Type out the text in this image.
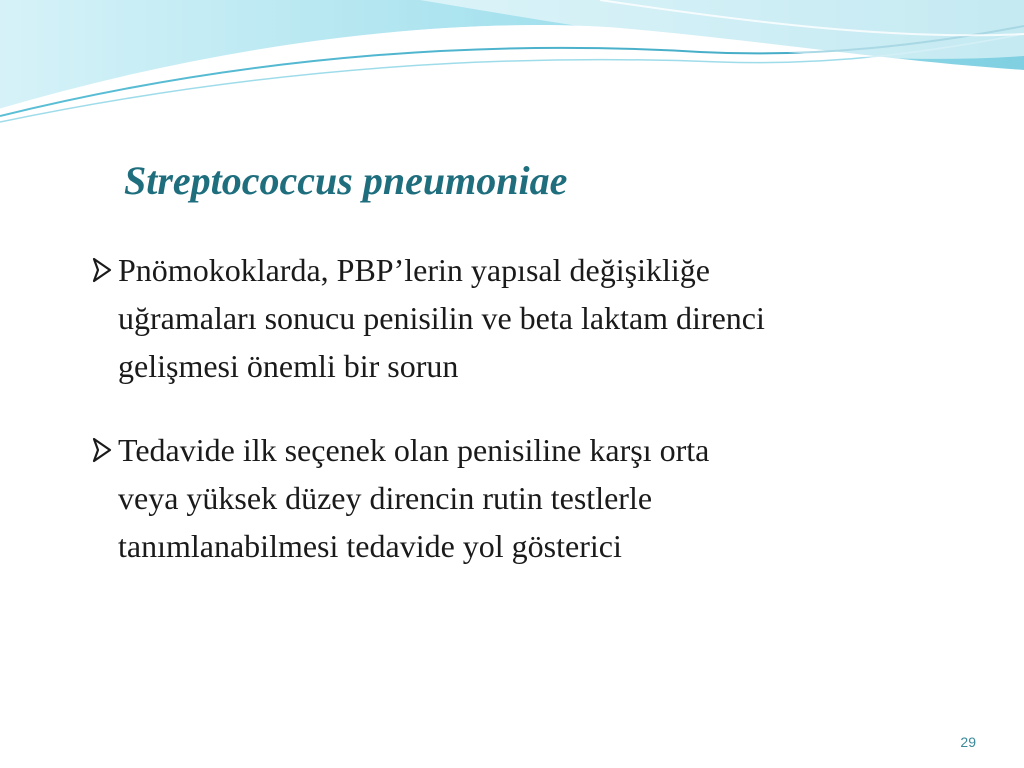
Streptococcus pneumoniae
Pnömokoklarda, PBP’lerin yapısal değişikliğe
uğramaları sonucu penisilin ve beta laktam direnci
gelişmesi önemli bir sorun
Tedavide ilk seçenek olan penisiline karşı orta
veya yüksek düzey direncin rutin testlerle
tanımlanabilmesi tedavide yol gösterici
29
